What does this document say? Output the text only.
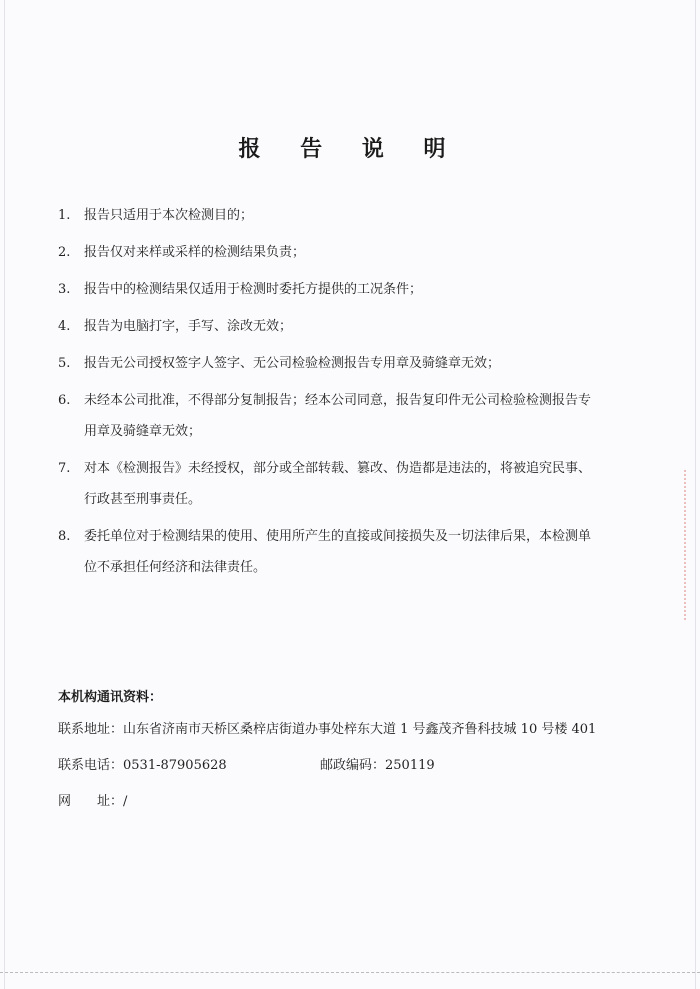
报 告 说 明
1. 报告只适用于本次检测目的；
2. 报告仅对来样或采样的检测结果负责；
3. 报告中的检测结果仅适用于检测时委托方提供的工况条件；
4. 报告为电脑打字，手写、涂改无效；
5. 报告无公司授权签字人签字、无公司检验检测报告专用章及骑缝章无效；
6. 未经本公司批准，不得部分复制报告；经本公司同意，报告复印件无公司检验检测报告专
用章及骑缝章无效；
7. 对本《检测报告》未经授权，部分或全部转载、篡改、伪造都是违法的，将被追究民事、
行政甚至刑事责任。
8. 委托单位对于检测结果的使用、使用所产生的直接或间接损失及一切法律后果，本检测单
位不承担任何经济和法律责任。
本机构通讯资料：
联系地址：山东省济南市天桥区桑梓店街道办事处梓东大道 1 号鑫茂齐鲁科技城 10 号楼 401
联系电话：0531-87905628	邮政编码：250119
网　　址：/
